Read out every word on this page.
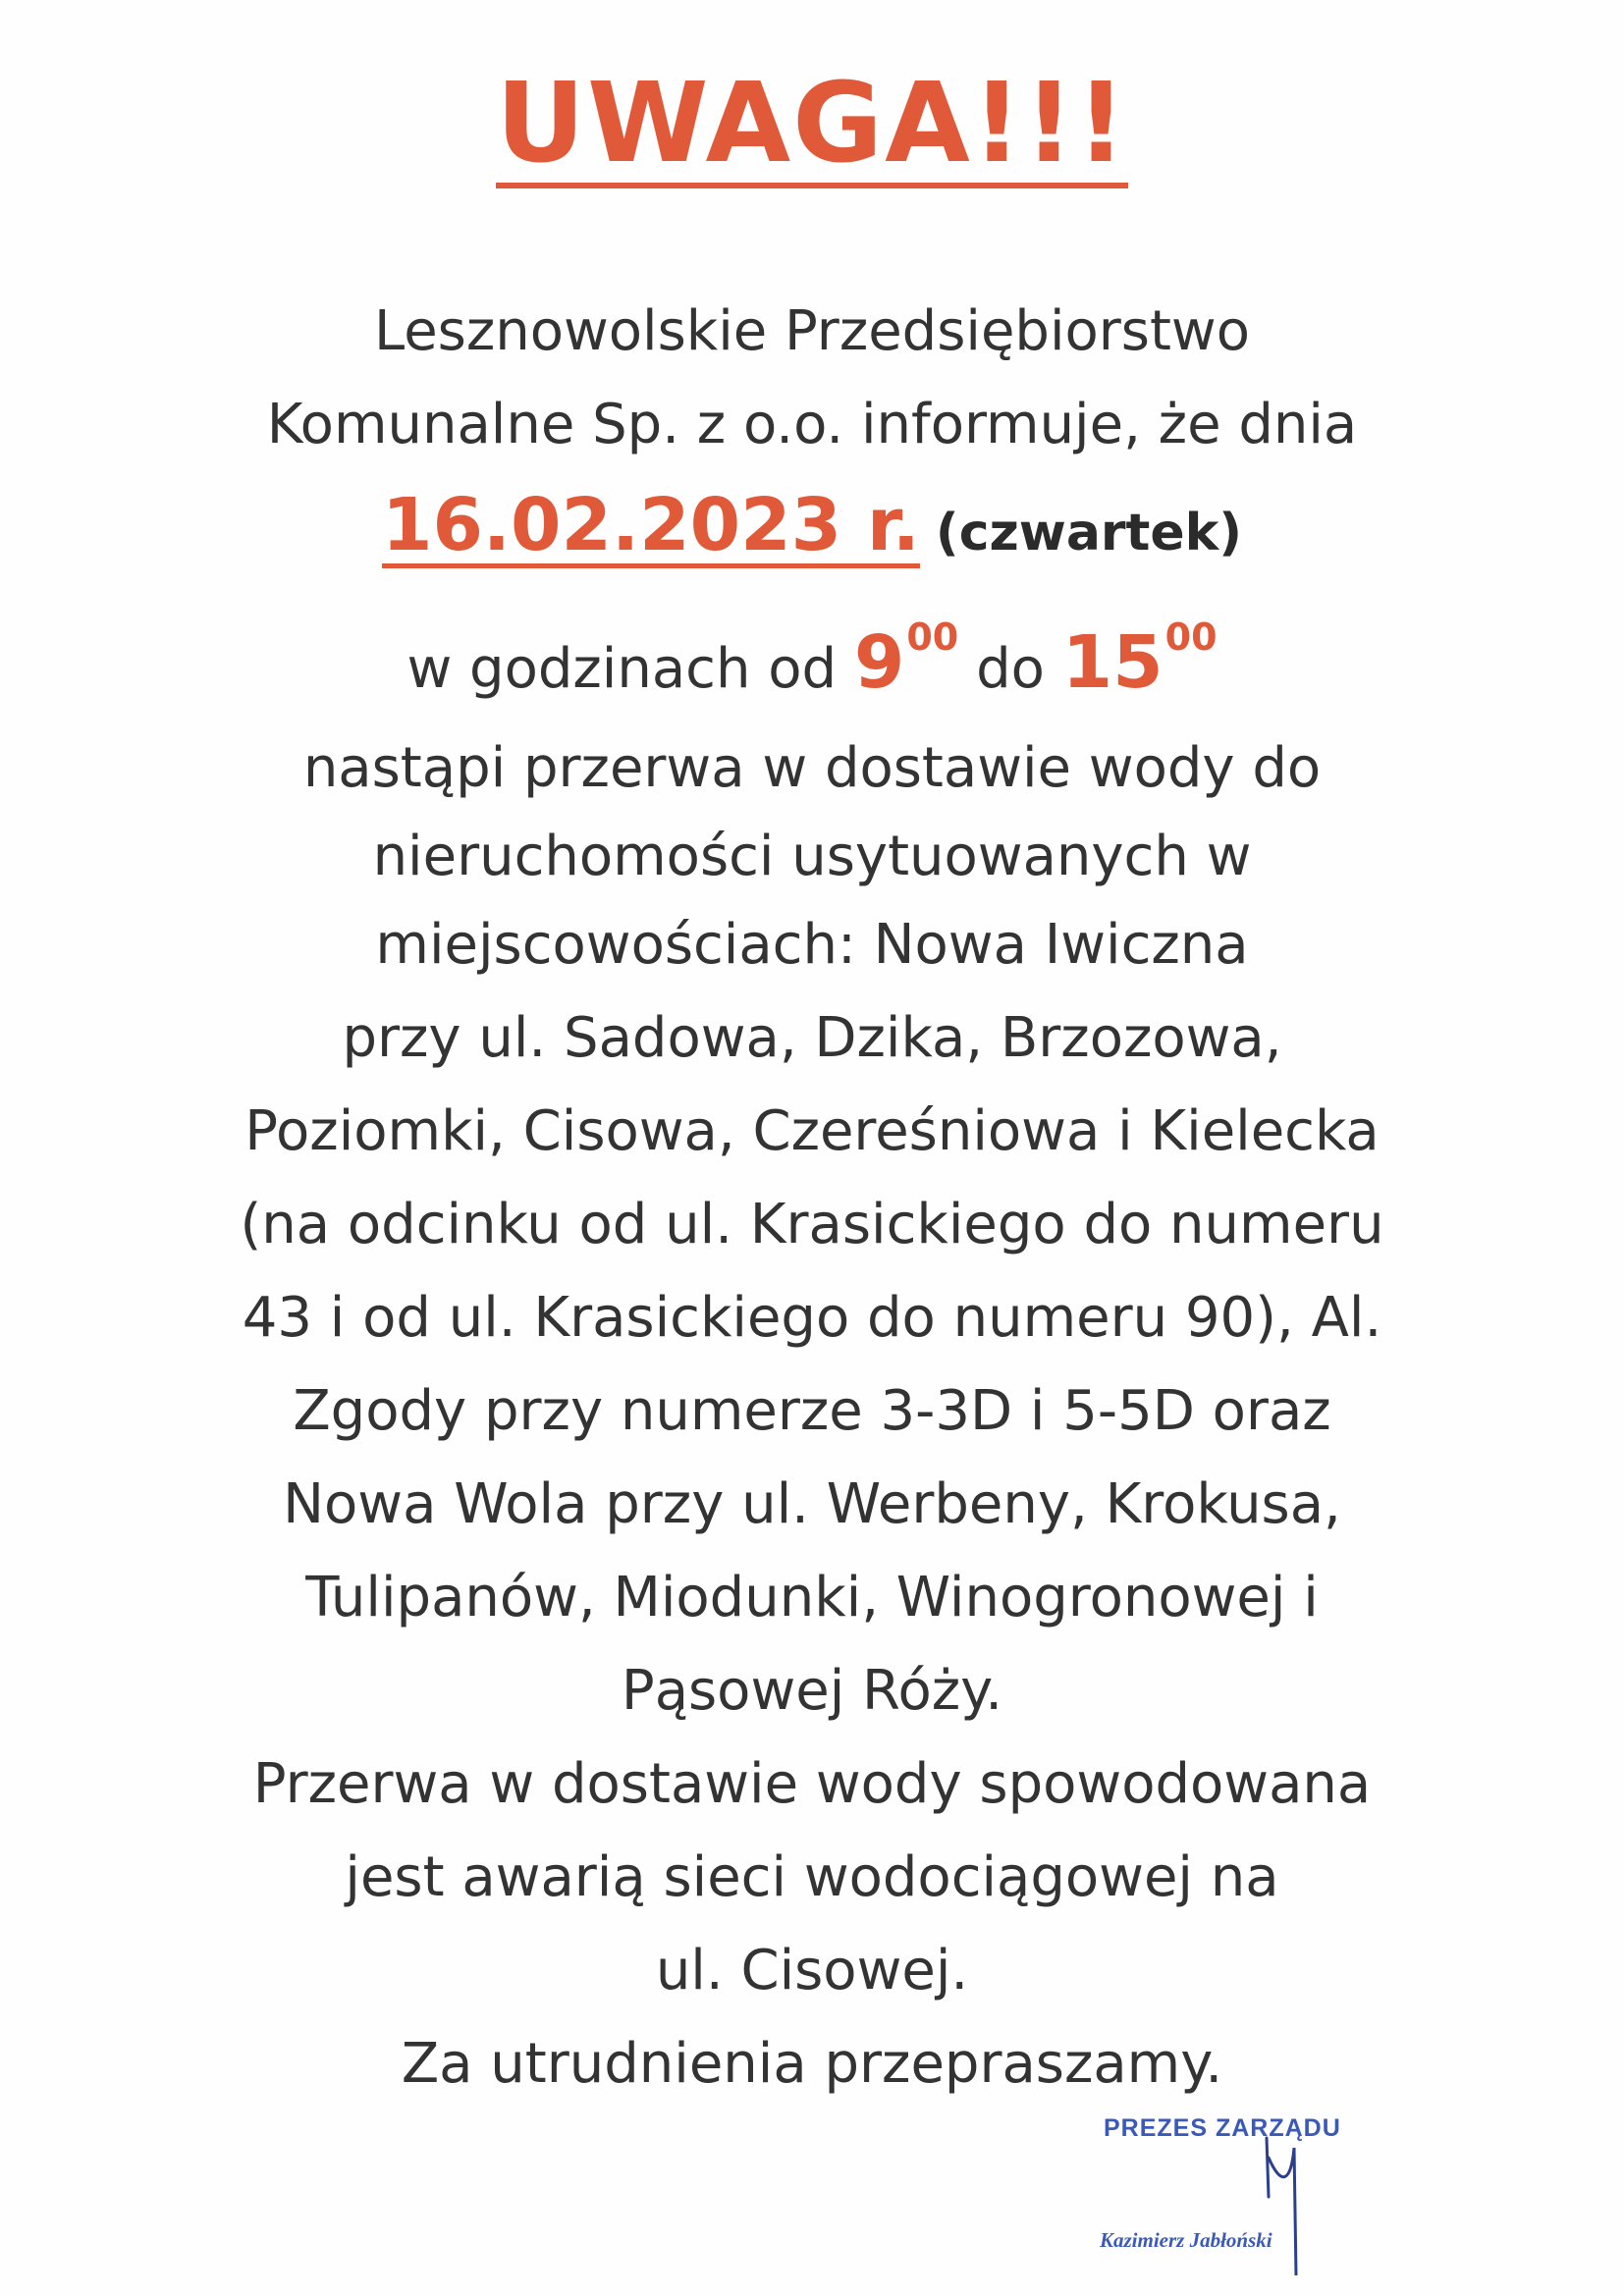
UWAGA!!!
Lesznowolskie Przedsiębiorstwo
Komunalne Sp. z o.o. informuje, że dnia
16.02.2023 r. (czwartek)
w godzinach od $9^{00}$ do $15^{00}$
nastąpi przerwa w dostawie wody do
nieruchomości usytuowanych w
miejscowościach: Nowa Iwiczna
przy ul. Sadowa, Dzika, Brzozowa,
Poziomki, Cisowa, Czereśniowa i Kielecka
(na odcinku od ul. Krasickiego do numeru
43 i od ul. Krasickiego do numeru 90), Al.
Zgody przy numerze 3-3D i 5-5D oraz
Nowa Wola przy ul. Werbeny, Krokusa,
Tulipanów, Miodunki, Winogronowej i
Pąsowej Róży.
Przerwa w dostawie wody spowodowana
jest awarią sieci wodociągowej na
ul. Cisowej.
Za utrudnienia przepraszamy.
PREZES ZARZĄDU
Kazimierz Jabłoński
